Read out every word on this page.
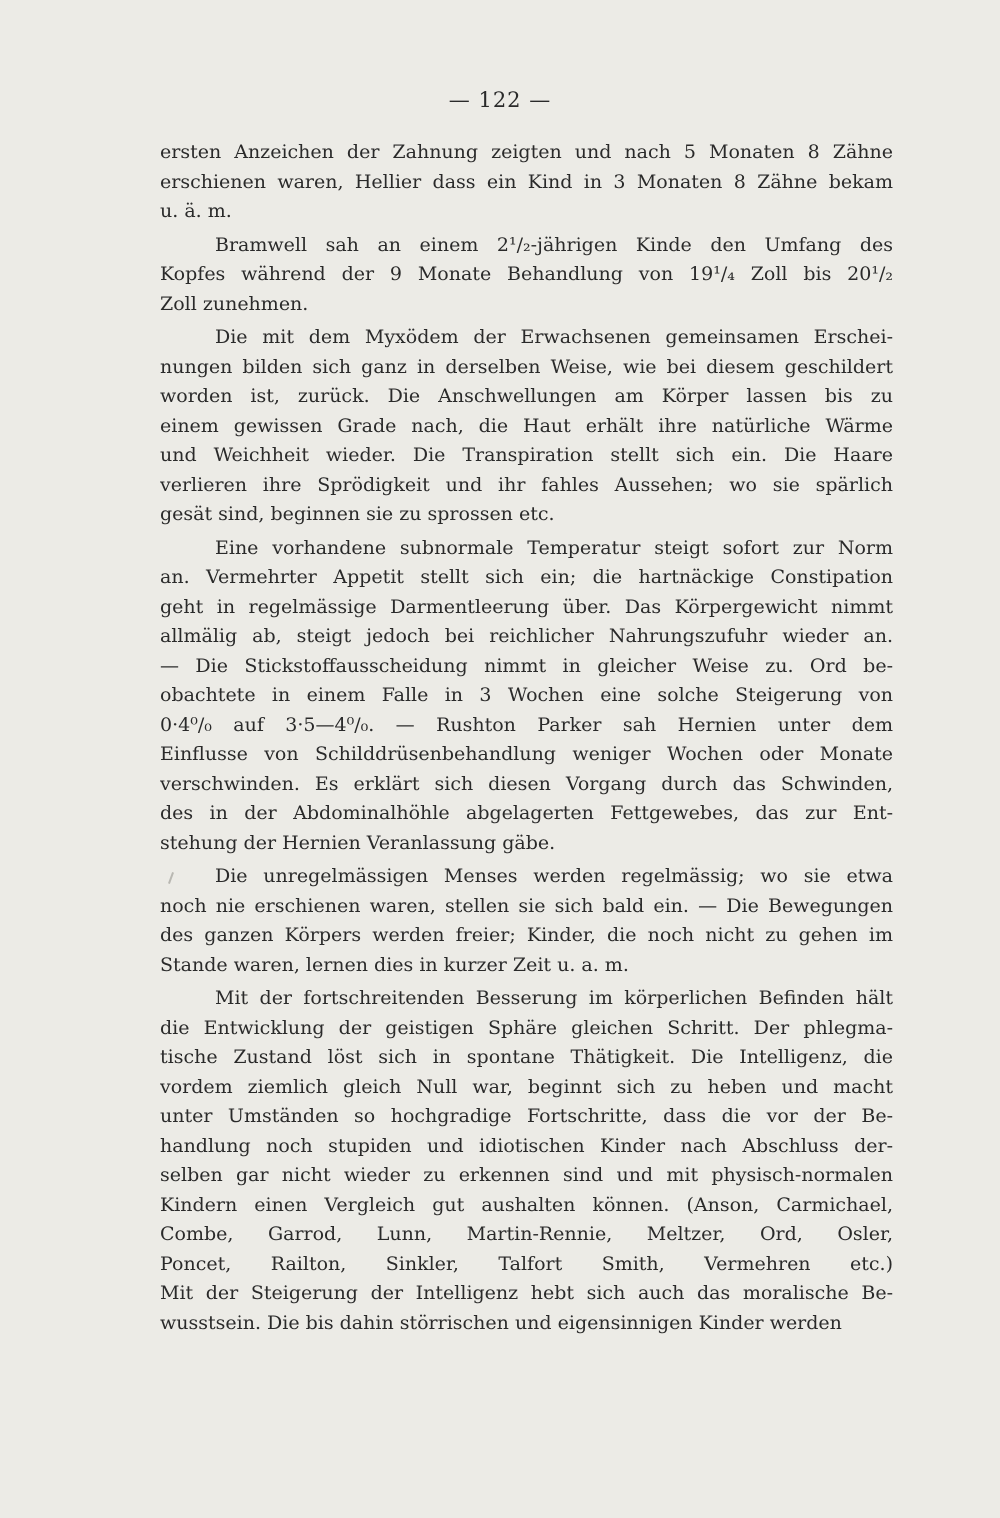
— 122 —
ersten Anzeichen der Zahnung zeigten und nach 5 Monaten 8 Zähne
erschienen waren, Hellier dass ein Kind in 3 Monaten 8 Zähne bekam
u. ä. m.
Bramwell sah an einem 2¹/₂-jährigen Kinde den Umfang des
Kopfes während der 9 Monate Behandlung von 19¹/₄ Zoll bis 20¹/₂
Zoll zunehmen.
Die mit dem Myxödem der Erwachsenen gemeinsamen Erschei-
nungen bilden sich ganz in derselben Weise, wie bei diesem geschildert
worden ist, zurück. Die Anschwellungen am Körper lassen bis zu
einem gewissen Grade nach, die Haut erhält ihre natürliche Wärme
und Weichheit wieder. Die Transpiration stellt sich ein. Die Haare
verlieren ihre Sprödigkeit und ihr fahles Aussehen; wo sie spärlich
gesät sind, beginnen sie zu sprossen etc.
Eine vorhandene subnormale Temperatur steigt sofort zur Norm
an. Vermehrter Appetit stellt sich ein; die hartnäckige Constipation
geht in regelmässige Darmentleerung über. Das Körpergewicht nimmt
allmälig ab, steigt jedoch bei reichlicher Nahrungszufuhr wieder an.
— Die Stickstoffausscheidung nimmt in gleicher Weise zu. Ord be-
obachtete in einem Falle in 3 Wochen eine solche Steigerung von
0·4⁰/₀ auf 3·5—4⁰/₀. — Rushton Parker sah Hernien unter dem
Einflusse von Schilddrüsenbehandlung weniger Wochen oder Monate
verschwinden. Es erklärt sich diesen Vorgang durch das Schwinden,
des in der Abdominalhöhle abgelagerten Fettgewebes, das zur Ent-
stehung der Hernien Veranlassung gäbe.
Die unregelmässigen Menses werden regelmässig; wo sie etwa
noch nie erschienen waren, stellen sie sich bald ein. — Die Bewegungen
des ganzen Körpers werden freier; Kinder, die noch nicht zu gehen im
Stande waren, lernen dies in kurzer Zeit u. a. m.
Mit der fortschreitenden Besserung im körperlichen Befinden hält
die Entwicklung der geistigen Sphäre gleichen Schritt. Der phlegma-
tische Zustand löst sich in spontane Thätigkeit. Die Intelligenz, die
vordem ziemlich gleich Null war, beginnt sich zu heben und macht
unter Umständen so hochgradige Fortschritte, dass die vor der Be-
handlung noch stupiden und idiotischen Kinder nach Abschluss der-
selben gar nicht wieder zu erkennen sind und mit physisch-normalen
Kindern einen Vergleich gut aushalten können. (Anson, Carmichael,
Combe, Garrod, Lunn, Martin-Rennie, Meltzer, Ord, Osler,
Poncet, Railton, Sinkler, Talfort Smith, Vermehren etc.)
Mit der Steigerung der Intelligenz hebt sich auch das moralische Be-
wusstsein. Die bis dahin störrischen und eigensinnigen Kinder werden
